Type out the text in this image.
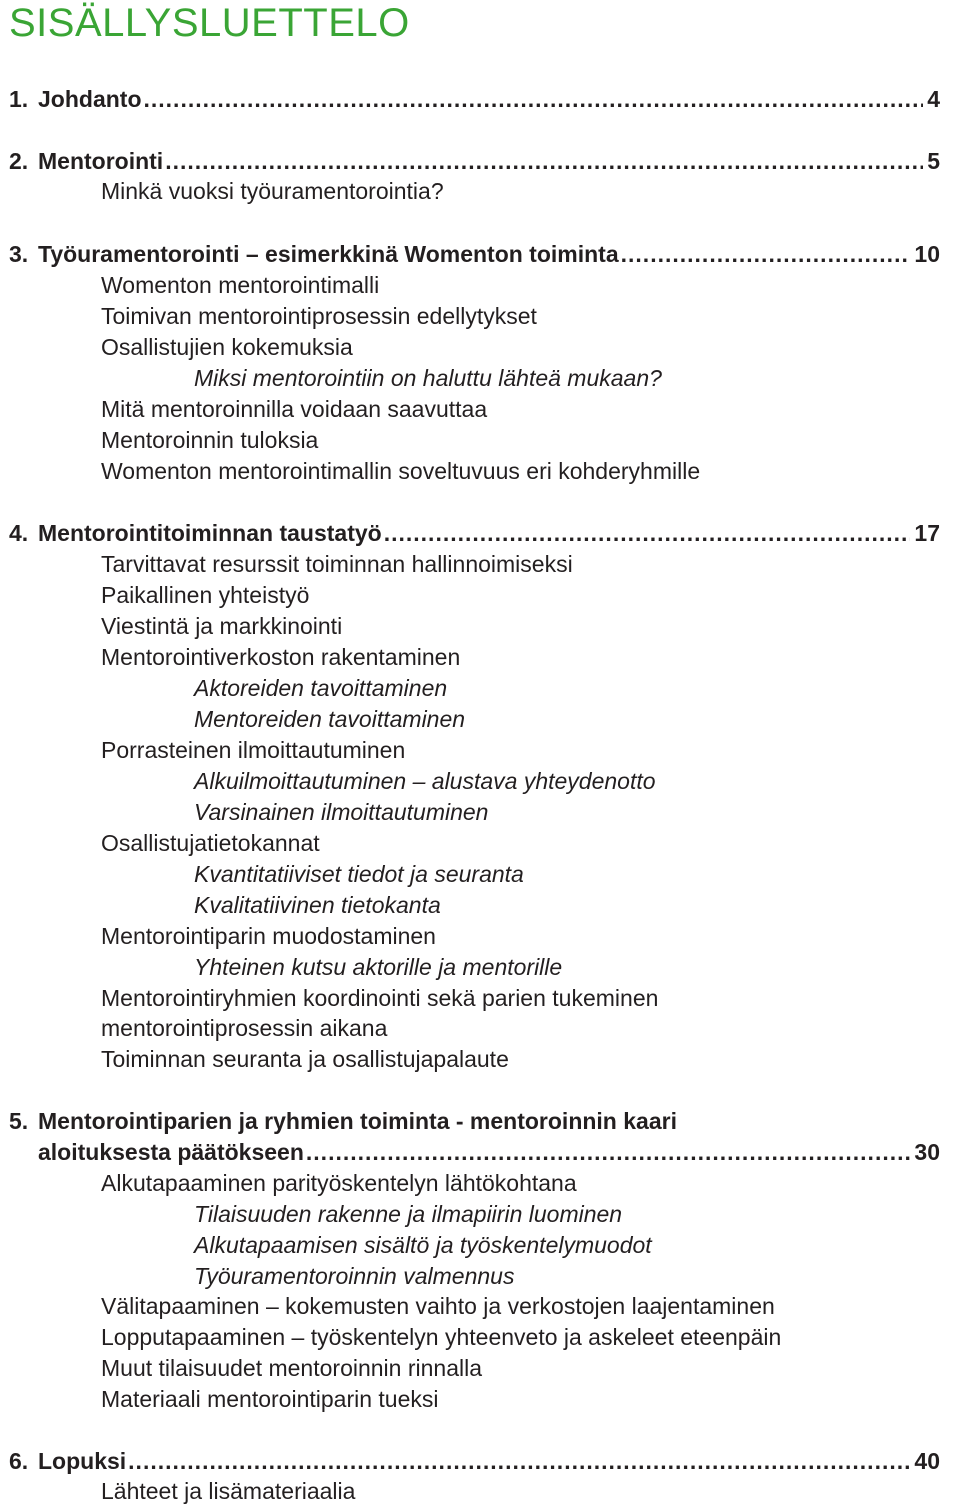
SISÄLLYSLUETTELO
1. Johdanto .....	4
2. Mentorointi .....	5
Minkä vuoksi työuramentorointia?
3. Työuramentorointi – esimerkkinä Womenton toiminta .....	10
Womenton mentorointimalli
Toimivan mentorointiprosessin edellytykset
Osallistujien kokemuksia
Miksi mentorointiin on haluttu lähteä mukaan?
Mitä mentoroinnilla voidaan saavuttaa
Mentoroinnin tuloksia
Womenton mentorointimallin soveltuvuus eri kohderyhmille
4. Mentorointitoiminnan taustatyö .....	17
Tarvittavat resurssit toiminnan hallinnoimiseksi
Paikallinen yhteistyö
Viestintä ja markkinointi
Mentorointiverkoston rakentaminen
Aktoreiden tavoittaminen
Mentoreiden tavoittaminen
Porrasteinen ilmoittautuminen
Alkuilmoittautuminen – alustava yhteydenotto
Varsinainen ilmoittautuminen
Osallistujatietokannat
Kvantitatiiviset tiedot ja seuranta
Kvalitatiivinen tietokanta
Mentorointiparin muodostaminen
Yhteinen kutsu aktorille ja mentorille
Mentorointiryhmien koordinointi sekä parien tukeminen
mentorointiprosessin aikana
Toiminnan seuranta ja osallistujapalaute
5. Mentorointiparien ja ryhmien toiminta - mentoroinnin kaari
aloituksesta päätökseen .....	30
Alkutapaaminen parityöskentelyn lähtökohtana
Tilaisuuden rakenne ja ilmapiirin luominen
Alkutapaamisen sisältö ja työskentelymuodot
Työuramentoroinnin valmennus
Välitapaaminen – kokemusten vaihto ja verkostojen laajentaminen
Lopputapaaminen – työskentelyn yhteenveto ja askeleet eteenpäin
Muut tilaisuudet mentoroinnin rinnalla
Materiaali mentorointiparin tueksi
6. Lopuksi .....	40
Lähteet ja lisämateriaalia
